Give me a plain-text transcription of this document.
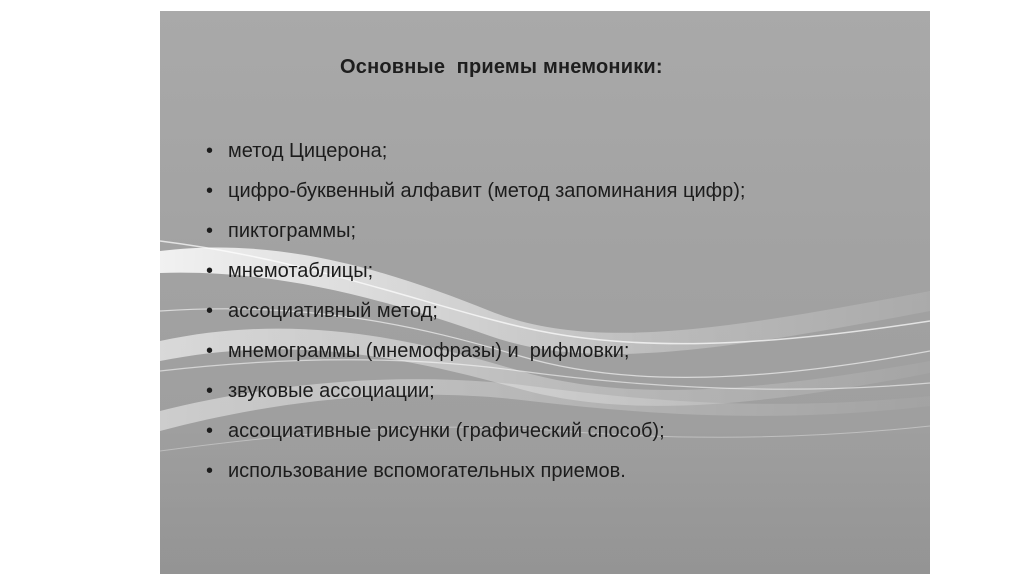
Основные  приемы мнемоники:
• метод Цицерона;
• цифро-буквенный алфавит (метод запоминания цифр);
• пиктограммы;
• мнемотаблицы;
• ассоциативный метод;
• мнемограммы (мнемофразы) и  рифмовки;
• звуковые ассоциации;
• ассоциативные рисунки (графический способ);
• использование вспомогательных приемов.
